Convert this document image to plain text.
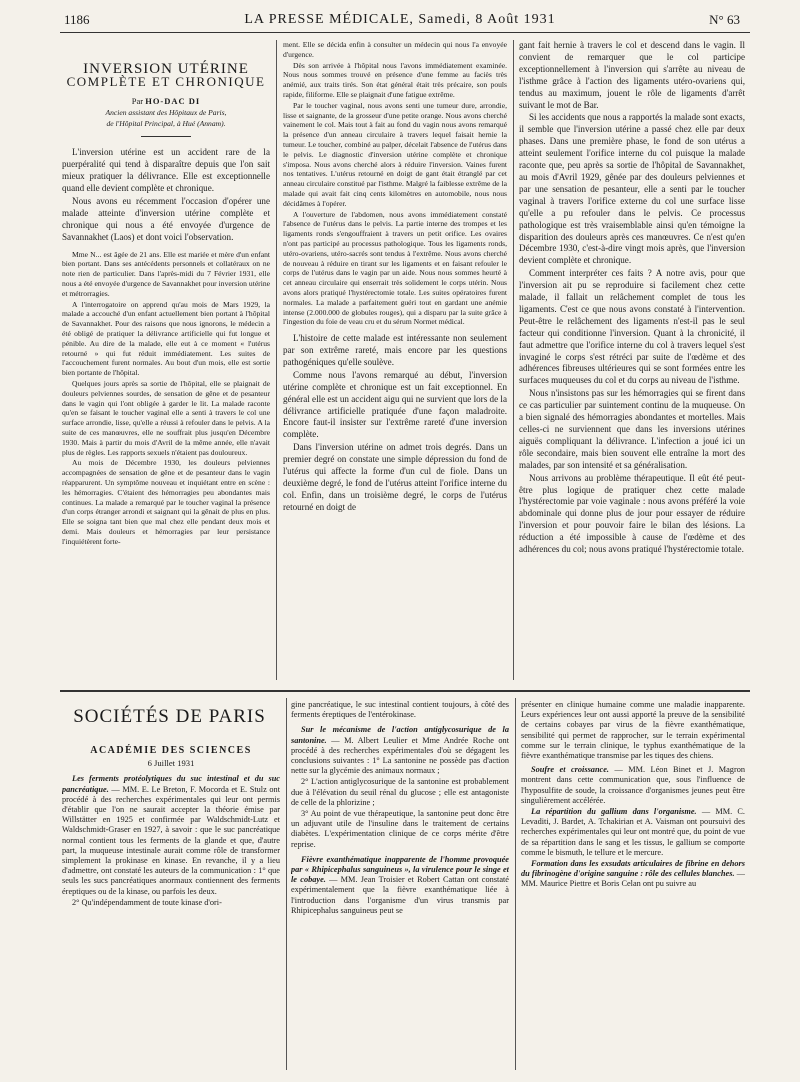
1186	LA PRESSE MÉDICALE, Samedi, 8 Août 1931	N° 63
INVERSION UTÉRINE
COMPLÈTE ET CHRONIQUE
Par HO-DAC DI
Ancien assistant des Hôpitaux de Paris,
de l'Hôpital Principal, à Hué (Annam).

L'inversion utérine est un accident rare de la puerpéralité qui tend à disparaître depuis que l'on sait mieux pratiquer la délivrance. Elle est exceptionnelle quand elle devient complète et chronique.

Nous avons eu récemment l'occasion d'opérer une malade atteinte d'inversion utérine complète et chronique qui nous a été envoyée d'urgence de Savannakhet (Laos) et dont voici l'observation.

Mme N... est âgée de 21 ans. Elle est mariée et mère d'un enfant bien portant. Dans ses antécédents personnels et collatéraux on ne note rien de particulier. Dans l'après-midi du 7 Février 1931, elle nous a été envoyée d'urgence de Savannakhet pour inversion utérine et métrorragies.

A l'interrogatoire on apprend qu'au mois de Mars 1929, la malade a accouché d'un enfant actuellement bien portant à l'hôpital de Savannakhet. Pour des raisons que nous ignorons, le médecin a été obligé de pratiquer la délivrance artificielle qui fut longue et pénible. Au dire de la malade, elle eut à ce moment « l'utérus retourné » qui fut réduit immédiatement. Les suites de l'accouchement furent normales. Au bout d'un mois, elle est sortie bien portante de l'hôpital.

Quelques jours après sa sortie de l'hôpital, elle se plaignait de douleurs pelviennes sourdes, de sensation de gêne et de pesanteur dans le vagin qui l'ont obligée à garder le lit. La malade raconte qu'en se faisant le toucher vaginal elle a senti à travers le col une surface arrondie, lisse, qu'elle a réussi à refouler dans le pelvis. A la suite de ces manœuvres, elle ne souffrait plus jusqu'en Décembre 1930. Mais à partir du mois d'Avril de la même année, elle n'avait plus de règles. Les rapports sexuels n'étaient pas douloureux.

Au mois de Décembre 1930, les douleurs pelviennes accompagnées de sensation de gêne et de pesanteur dans le vagin réapparurent. Un symptôme nouveau et inquiétant entre en scène : les hémorragies. C'étaient des hémorragies peu abondantes mais continues. La malade a remarqué par le toucher vaginal la présence d'un corps étranger arrondi et saignant qui la gênait de plus en plus. Elle se soigna tant bien que mal chez elle pendant deux mois et demi. Mais douleurs et hémorragies par leur persistance l'inquiétèrent forte-

ment. Elle se décida enfin à consulter un médecin qui nous l'a envoyée d'urgence.

Dès son arrivée à l'hôpital nous l'avons immédiatement examinée. Nous nous sommes trouvé en présence d'une femme au faciès très anémié, aux traits tirés. Son état général était très précaire, son pouls rapide, filiforme. Elle se plaignait d'une fatigue extrême.

Par le toucher vaginal, nous avons senti une tumeur dure, arrondie, lisse et saignante, de la grosseur d'une petite orange. Nous avons cherché vainement le col. Mais tout à fait au fond du vagin nous avons remarqué la présence d'un anneau circulaire à travers lequel faisait hernie la tumeur. Le toucher, combiné au palper, décelait l'absence de l'utérus dans le pelvis. Le diagnostic d'inversion utérine complète et chronique s'imposa. Nous avons cherché alors à réduire l'inversion. Vaines furent nos tentatives. L'utérus retourné en doigt de gant était étranglé par cet anneau circulaire constitué par l'isthme. Malgré la faiblesse extrême de la malade qui avait fait cinq cents kilomètres en automobile, nous nous décidâmes à l'opérer.

A l'ouverture de l'abdomen, nous avons immédiatement constaté l'absence de l'utérus dans le pelvis. La partie interne des trompes et les ligaments ronds s'engouffraient à travers un petit orifice. Les ovaires n'ont pas participé au processus pathologique. Tous les ligaments ronds, utéro-ovariens, utéro-sacrés sont tendus à l'extrême. Nous avons cherché de nouveau à réduire en tirant sur les ligaments et en faisant refouler le corps de l'utérus dans le vagin par un aide. Nous nous sommes heurté à cet anneau circulaire qui enserrait très solidement le corps utérin. Nous avons alors pratiqué l'hystérectomie totale. Les suites opératoires furent normales. La malade a parfaitement guéri tout en gardant une anémie intense (2.000.000 de globules rouges), qui a disparu par la suite grâce à l'ingestion du foie de veau cru et du sérum Normet médical.

L'histoire de cette malade est intéressante non seulement par son extrême rareté, mais encore par les questions pathogéniques qu'elle soulève.

Comme nous l'avons remarqué au début, l'inversion utérine complète et chronique est un fait exceptionnel. En général elle est un accident aigu qui ne survient que lors de la délivrance artificielle pratiquée d'une façon maladroite. Encore faut-il insister sur l'extrême rareté d'une inversion complète.

Dans l'inversion utérine on admet trois degrés. Dans un premier degré on constate une simple dépression du fond de l'utérus qui affecte la forme d'un cul de fiole. Dans un deuxième degré, le fond de l'utérus atteint l'orifice interne du col. Enfin, dans un troisième degré, le corps de l'utérus retourné en doigt de

gant fait hernie à travers le col et descend dans le vagin. Il convient de remarquer que le col participe exceptionnellement à l'inversion qui s'arrête au niveau de l'isthme grâce à l'action des ligaments utéro-ovariens qui, tendus au maximum, jouent le rôle de ligaments d'arrêt suivant le mot de Bar.

Si les accidents que nous a rapportés la malade sont exacts, il semble que l'inversion utérine a passé chez elle par deux phases. Dans une première phase, le fond de son utérus a atteint seulement l'orifice interne du col puisque la malade raconte que, peu après sa sortie de l'hôpital de Savannakhet, au mois d'Avril 1929, gênée par des douleurs pelviennes et par une sensation de pesanteur, elle a senti par le toucher vaginal à travers l'orifice externe du col une surface lisse qu'elle a pu refouler dans le pelvis. Ce processus pathologique est très vraisemblable ainsi qu'en témoigne la disparition des douleurs après ces manœuvres. Ce n'est qu'en Décembre 1930, c'est-à-dire vingt mois après, que l'inversion devient complète et chronique.

Comment interpréter ces faits ? A notre avis, pour que l'inversion ait pu se reproduire si facilement chez cette malade, il fallait un relâchement complet de tous les ligaments. C'est ce que nous avons constaté à l'intervention. Peut-être le relâchement des ligaments n'est-il pas le seul facteur qui conditionne l'inversion. Quant à la chronicité, il faut admettre que l'orifice interne du col à travers lequel s'est invaginé le corps s'est rétréci par suite de l'œdème et des adhérences fibreuses ultérieures qui se sont formées entre les surfaces muqueuses du col et du corps au niveau de l'isthme.

Nous n'insistons pas sur les hémorragies qui se firent dans ce cas particulier par suintement continu de la muqueuse. On a bien signalé des hémorragies abondantes et mortelles. Mais celles-ci ne surviennent que dans les inversions utérines aiguës compliquant la délivrance. L'infection a joué ici un rôle secondaire, mais bien souvent elle entraîne la mort des malades, par son intensité et sa généralisation.

Nous arrivons au problème thérapeutique. Il eût été peut-être plus logique de pratiquer chez cette malade l'hystérectomie par voie vaginale : nous avons préféré la voie abdominale qui donne plus de jour pour essayer de réduire l'inversion et pour pouvoir faire le bilan des lésions. La réduction a été impossible à cause de l'œdème et des adhérences du col; nous avons pratiqué l'hystérectomie totale.

SOCIÉTÉS DE PARIS
ACADÉMIE DES SCIENCES
6 Juillet 1931

Les ferments protéolytiques du suc intestinal et du suc pancréatique. — MM. E. Le Breton, F. Mocorda et E. Stulz ont procédé à des recherches expérimentales qui leur ont permis d'établir que l'on ne saurait accepter la théorie émise par Willstätter en 1925 et confirmée par Waldschmidt-Lutz et Waldschmidt-Graser en 1927, à savoir : que le suc pancréatique normal contient tous les ferments de la glande et que, d'autre part, la muqueuse intestinale aurait comme rôle de transformer simplement la prokinase en kinase. En revanche, il y a lieu d'admettre, ont constaté les auteurs de la communication : 1° que seuls les sucs pancréatiques anormaux contiennent des ferments éreptiques ou de la kinase, ou parfois les deux.

2° Qu'indépendamment de toute kinase d'ori-

gine pancréatique, le suc intestinal contient toujours, à côté des ferments éreptiques de l'entérokinase.

Sur le mécanisme de l'action antiglycosurique de la santonine. — M. Albert Leulier et Mme Andrée Roche ont procédé à des recherches expérimentales d'où se dégagent les conclusions suivantes : 1° La santonine ne possède pas d'action nette sur la glycémie des animaux normaux ;

2° L'action antiglycosurique de la santonine est probablement due à l'élévation du seuil rénal du glucose ; elle est antagoniste de celle de la phlorizine ;

3° Au point de vue thérapeutique, la santonine peut donc être un adjuvant utile de l'insuline dans le traitement de certains diabètes. L'expérimentation clinique de ce corps mérite d'être reprise.

Fièvre exanthématique inapparente de l'homme provoquée par « Rhipicephalus sanguineus », la virulence pour le singe et le cobaye. — MM. Jean Troisier et Robert Cattan ont constaté expérimentalement que la fièvre exanthématique liée à l'introduction dans l'organisme d'un virus transmis par Rhipicephalus sanguineus peut se

présenter en clinique humaine comme une maladie inapparente. Leurs expériences leur ont aussi apporté la preuve de la sensibilité de certains cobayes par virus de la fièvre exanthématique, sensibilité qui permet de rapprocher, sur le terrain expérimental comme sur le terrain clinique, le typhus exanthématique de la fièvre exanthématique transmise par les tiques des chiens.

Soufre et croissance. — MM. Léon Binet et J. Magron montrent dans cette communication que, sous l'influence de l'hyposulfite de soude, la croissance d'organismes jeunes peut être singulièrement accélérée.

La répartition du gallium dans l'organisme. — MM. C. Levaditi, J. Bardet, A. Tchakirian et A. Vaisman ont poursuivi des recherches expérimentales qui leur ont montré que, du point de vue de sa répartition dans le sang et les tissus, le gallium se comporte comme le bismuth, le tellure et le mercure.

Formation dans les exsudats articulaires de fibrine en dehors du fibrinogène d'origine sanguine : rôle des cellules blanches. — MM. Maurice Piettre et Boris Celan ont pu suivre au
